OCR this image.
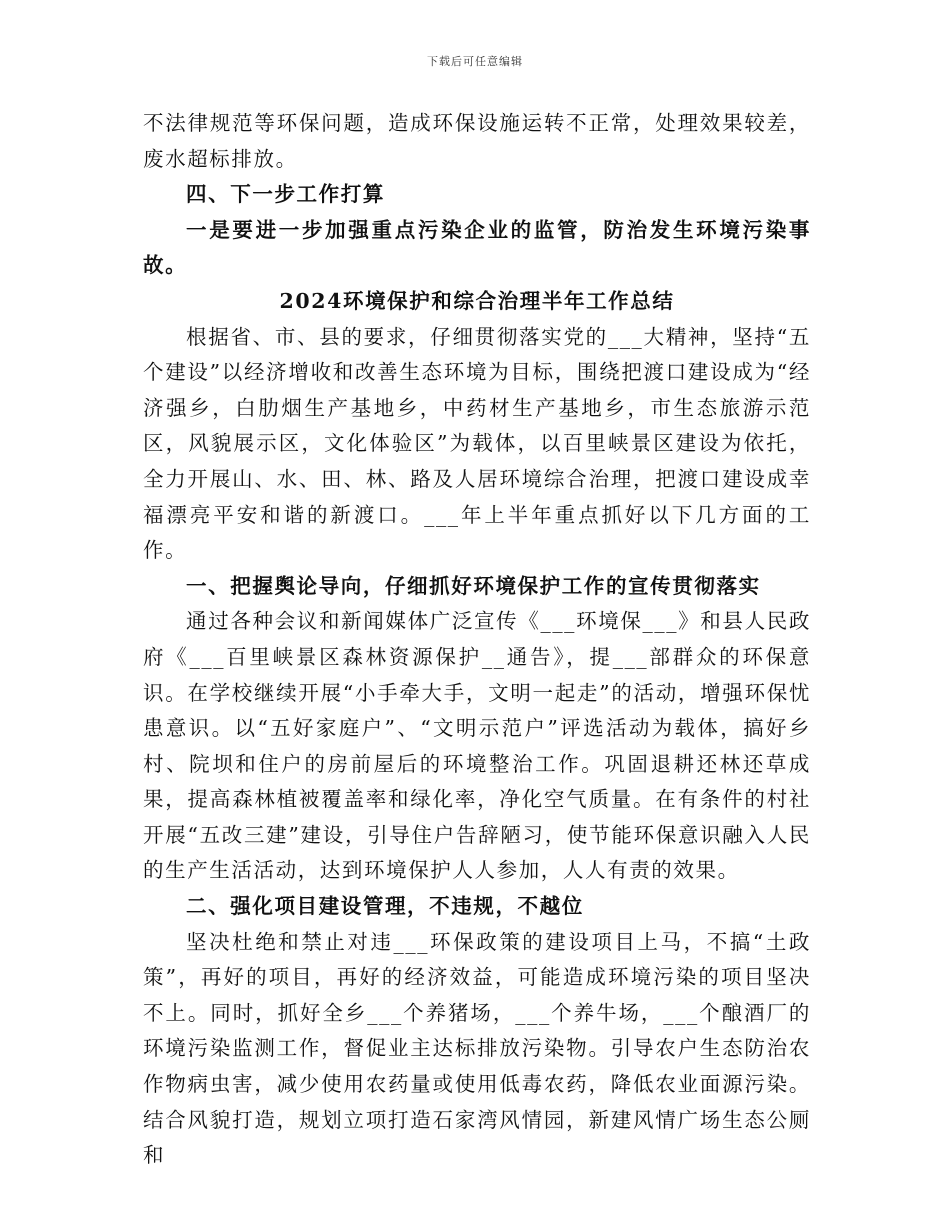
下载后可任意编辑

不法律规范等环保问题，造成环保设施运转不正常，处理效果较差，废水超标排放。

四、下一步工作打算

一是要进一步加强重点污染企业的监管，防治发生环境污染事故。

2024环境保护和综合治理半年工作总结

根据省、市、县的要求，仔细贯彻落实党的___大精神，坚持“五个建设”以经济增收和改善生态环境为目标，围绕把渡口建设成为“经济强乡，白肋烟生产基地乡，中药材生产基地乡，市生态旅游示范区，风貌展示区，文化体验区”为载体，以百里峡景区建设为依托，全力开展山、水、田、林、路及人居环境综合治理，把渡口建设成幸福漂亮平安和谐的新渡口。___年上半年重点抓好以下几方面的工作。

一、把握舆论导向，仔细抓好环境保护工作的宣传贯彻落实

通过各种会议和新闻媒体广泛宣传《___环境保___》和县人民政府《___百里峡景区森林资源保护__通告》，提___部群众的环保意识。在学校继续开展“小手牵大手，文明一起走”的活动，增强环保忧患意识。以“五好家庭户”、“文明示范户”评选活动为载体，搞好乡村、院坝和住户的房前屋后的环境整治工作。巩固退耕还林还草成果，提高森林植被覆盖率和绿化率，净化空气质量。在有条件的村社开展“五改三建”建设，引导住户告辞陋习，使节能环保意识融入人民的生产生活活动，达到环境保护人人参加，人人有责的效果。

二、强化项目建设管理，不违规，不越位

坚决杜绝和禁止对违___环保政策的建设项目上马，不搞“土政策”，再好的项目，再好的经济效益，可能造成环境污染的项目坚决不上。同时，抓好全乡___个养猪场，___个养牛场，___个酿酒厂的环境污染监测工作，督促业主达标排放污染物。引导农户生态防治农作物病虫害，减少使用农药量或使用低毒农药，降低农业面源污染。结合风貌打造，规划立项打造石家湾风情园，新建风情广场生态公厕和
